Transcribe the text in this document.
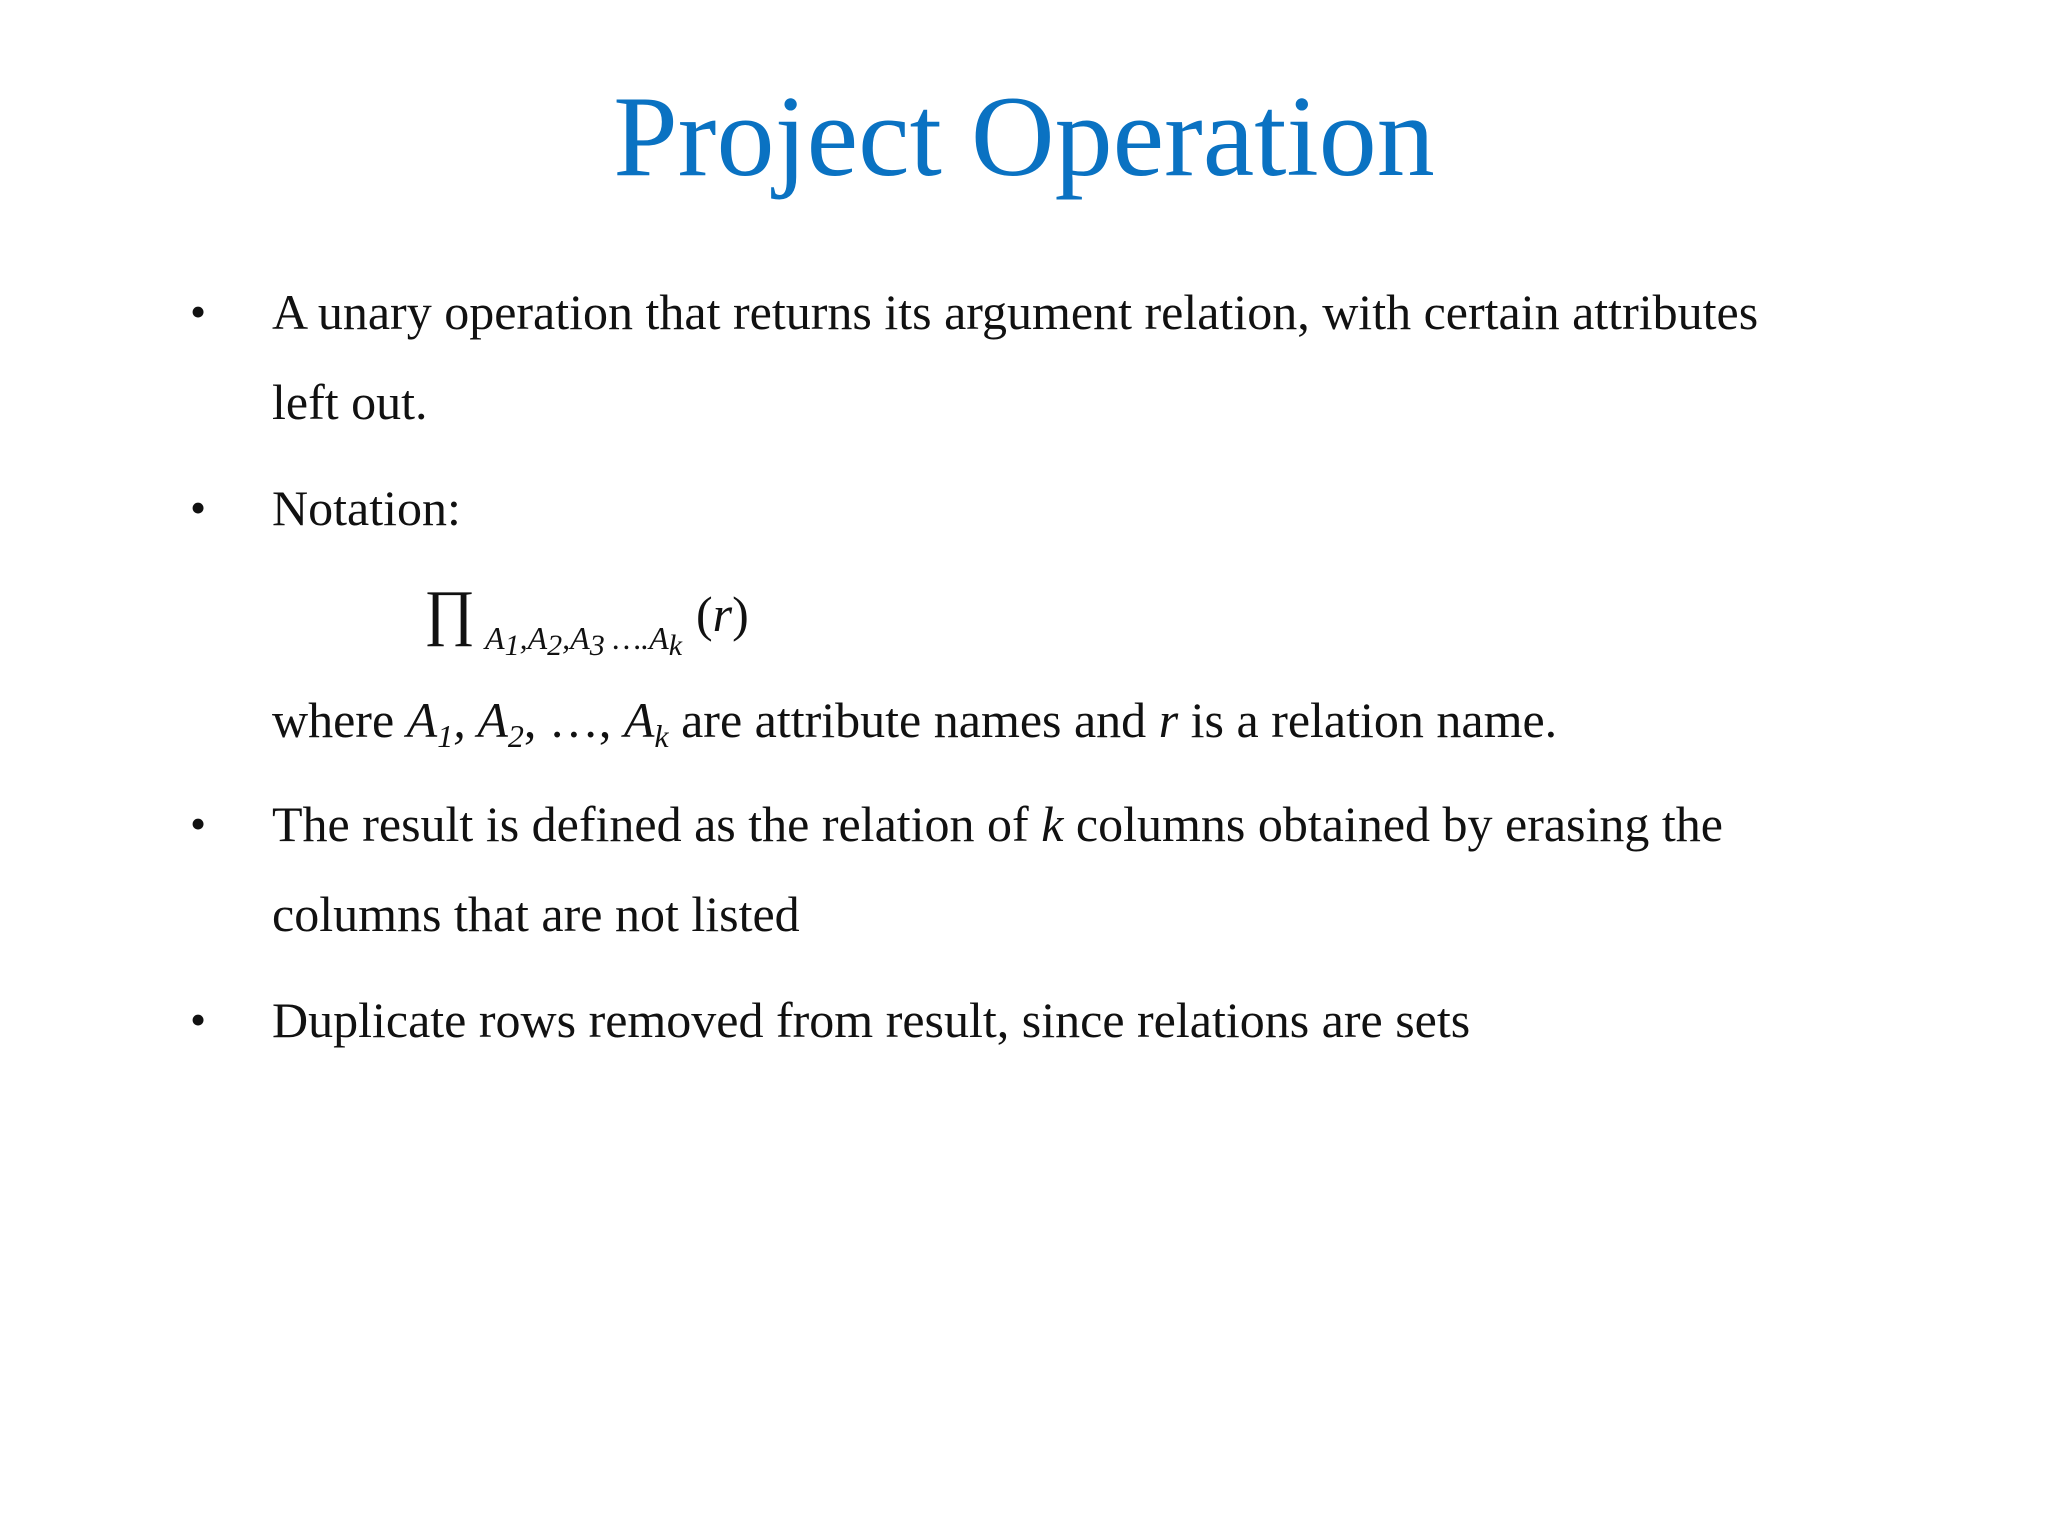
Project Operation
• A unary operation that returns its argument relation, with certain attributes
left out.
• Notation:
∏ $_{A_1,A_2,A_3 \dots.A_k}$(r)
where $A_1$, $A_2$, …, $A_k$ are attribute names and r is a relation name.
• The result is defined as the relation of k columns obtained by erasing the
columns that are not listed
• Duplicate rows removed from result, since relations are sets
